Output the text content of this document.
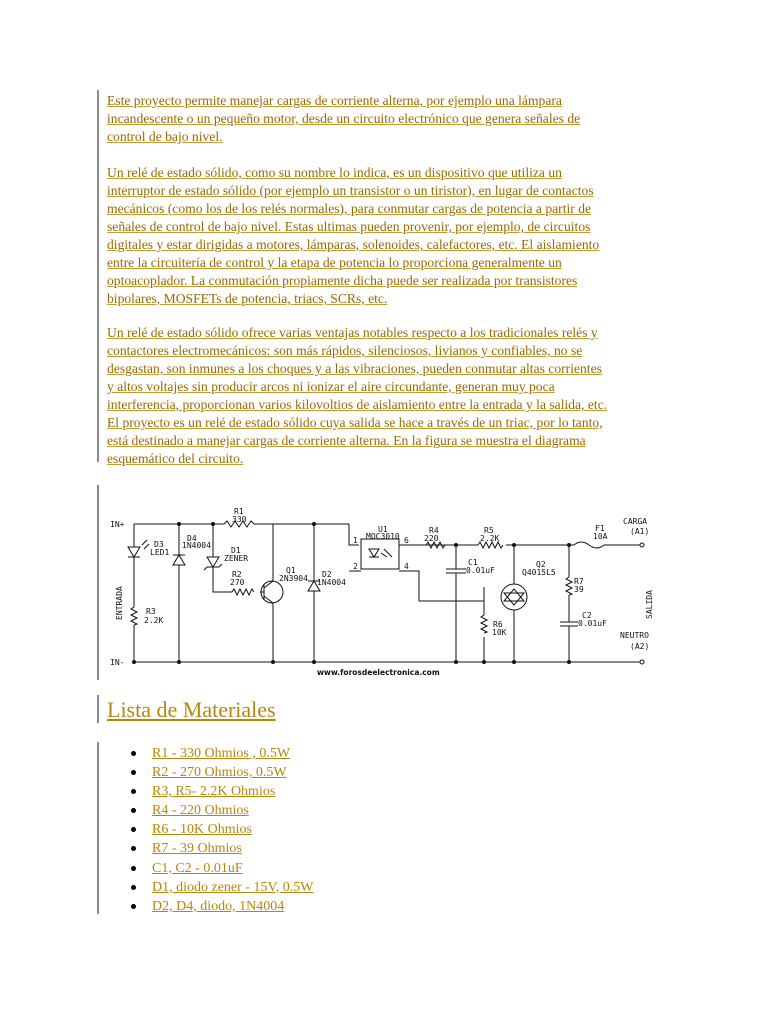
Este proyecto permite manejar cargas de corriente alterna, por ejemplo una lámpara
incandescente o un pequeño motor, desde un circuito electrónico que genera señales de
control de bajo nivel.
Un relé de estado sólido, como su nombre lo indica, es un dispositivo que utiliza un
interruptor de estado sólido (por ejemplo un transistor o un tiristor), en lugar de contactos
mecánicos (como los de los relés normales), para conmutar cargas de potencia a partir de
señales de control de bajo nivel. Estas ultimas pueden provenir, por ejemplo, de circuitos
digitales y estar dirigidas a motores, lámparas, solenoides, calefactores, etc. El aislamiento
entre la circuitería de control y la etapa de potencia lo proporciona generalmente un
optoacoplador. La conmutación propiamente dicha puede ser realizada por transistores
bipolares, MOSFETs de potencia, triacs, SCRs, etc.
Un relé de estado sólido ofrece varias ventajas notables respecto a los tradicionales relés y
contactores electromecánicos: son más rápidos, silenciosos, livianos y confiables, no se
desgastan, son inmunes a los choques y a las vibraciones, pueden conmutar altas corrientes
y altos voltajes sin producir arcos ni ionizar el aire circundante, generan muy poca
interferencia, proporcionan varios kilovoltios de aislamiento entre la entrada y la salida, etc.
El proyecto es un relé de estado sólido cuya salida se hace a través de un triac, por lo tanto,
está destinado a manejar cargas de corriente alterna. En la figura se muestra el diagrama
esquemático del circuito.
IN+
IN-
ENTRADA
R1
330
D4
1N4004
D3
LED1	D1
ZENER
R2
270
Q1
2N3904 D2
1N4004
R3
2.2K
U1
MOC3010
1
2
6
4
R4
220
R5
2.2K
C1
0.01uF
Q2
Q4015L5
R6
10K
F1
10A
R7
39
C2
0.01uF
CARGA
(A1)
SALIDA
NEUTRO
(A2)
www.forosdeelectronica.com
Lista de Materiales
R1 - 330 Ohmios , 0.5W
R2 - 270 Ohmios, 0.5W
R3, R5- 2.2K Ohmios
R4 - 220 Ohmios
R6 - 10K Ohmios
R7 - 39 Ohmios
C1, C2 - 0.01uF
D1, diodo zener - 15V, 0.5W
D2, D4, diodo, 1N4004
